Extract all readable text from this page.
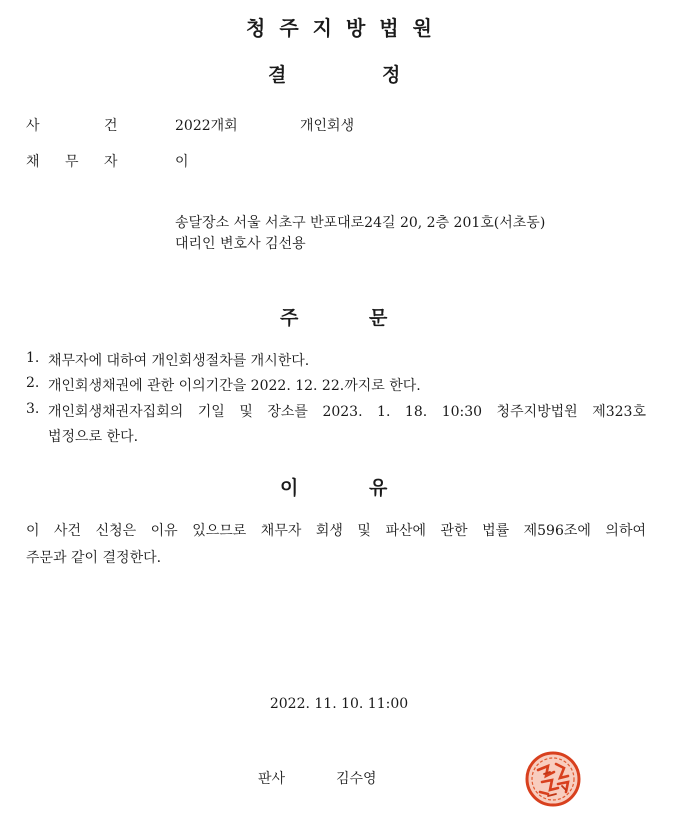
청주지방법원
결	정
사	건	2022개회	개인회생
채 무 자	이
송달장소 서울 서초구 반포대로24길 20, 2층 201호(서초동)
대리인 변호사 김선용
주	문
1. 채무자에 대하여 개인회생절차를 개시한다.
2. 개인회생채권에 관한 이의기간을 2022. 12. 22.까지로 한다.
3. 개인회생채권자집회의 기일 및 장소를 2023. 1. 18. 10:30 청주지방법원 제323호
법정으로 한다.
이	유
이 사건 신청은 이유 있으므로 채무자 회생 및 파산에 관한 법률 제596조에 의하여
주문과 같이 결정한다.
2022. 11. 10. 11:00
판사	김수영
